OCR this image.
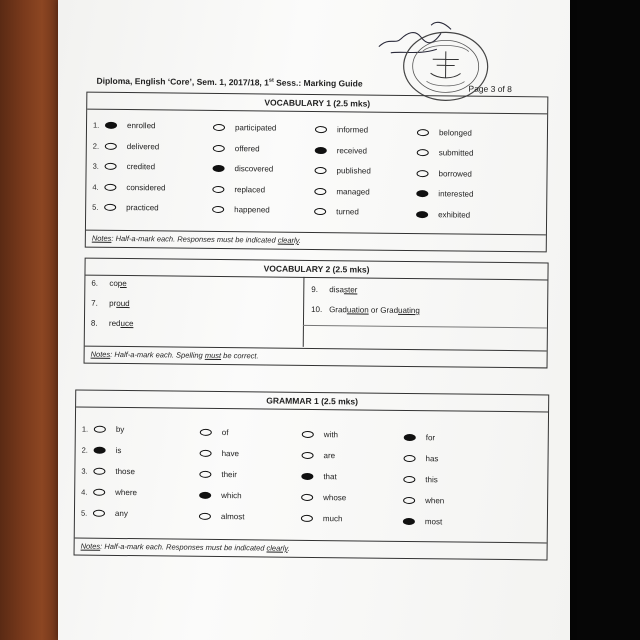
Diploma, English ‘Core’, Sem. 1, 2017/18, 1st Sess.: Marking Guide
Page 3 of 8
VOCABULARY 1 (2.5 mks)
1.	enrolled	participated	informed	belonged
2.	delivered	offered	received	submitted
3.	credited	discovered	published	borrowed
4.	considered	replaced	managed	interested
5.	practiced	happened	turned	exhibited
Notes: Half-a-mark each. Responses must be indicated clearly.
VOCABULARY 2 (2.5 mks)
6. cope
7. proud
8. reduce
9. disaster
10. Graduation or Graduating
Notes: Half-a-mark each. Spelling must be correct.
GRAMMAR 1 (2.5 mks)
1.	by	of	with	for
2.	is	have	are	has
3.	those	their	that	this
4.	where	which	whose	when
5.	any	almost	much	most
Notes: Half-a-mark each. Responses must be indicated clearly.
